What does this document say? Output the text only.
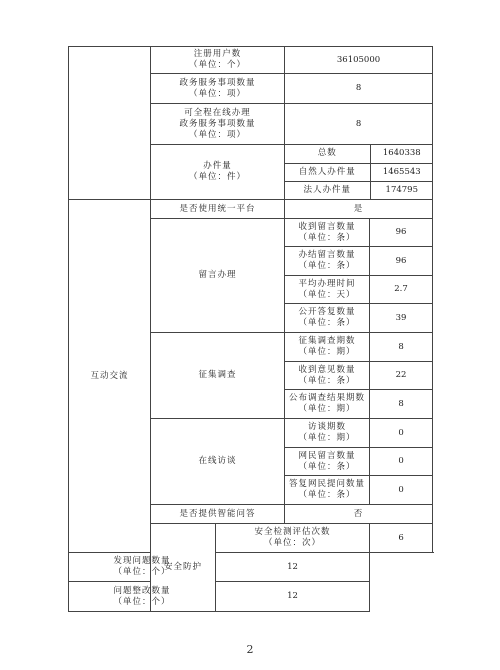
注册用户数
（单位：个）
	36105000

政务服务事项数量
（单位：项）
	8

可全程在线办理
政务服务事项数量
（单位：项）
	8

办件量
（单位：件）

总数	1640338
自然人办件量	1465543
法人办件量	174795

互动交流	是否使用统一平台	是
留言办理	
收到留言数量
（单位：条）
	96

办结留言数量
（单位：条）
	96

平均办理时间
（单位：天）
	2.7

公开答复数量
（单位：条）
	39
征集调查	
征集调查期数
（单位：期）
	8

收到意见数量
（单位：条）
	22

公布调查结果期数
（单位：期）
	8
在线访谈	
访谈期数
（单位：期）
	0

网民留言数量
（单位：条）
	0

答复网民提问数量
（单位：条）
	0
是否提供智能问答	否
安全防护	
安全检测评估次数
（单位：次）
	6

发现问题数量
（单位：个）
	12

问题整改数量
（单位：个）
	12
2
